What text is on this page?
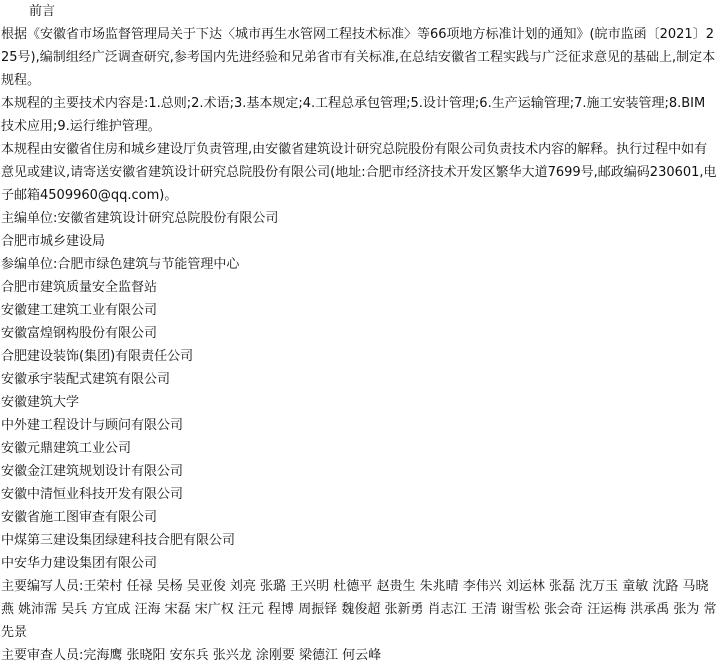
前言

根据《安徽省市场监督管理局关于下达〈城市再生水管网工程技术标准〉等66项地方标准计划的通知》(皖市监函〔2021〕225号),编制组经广泛调查研究,参考国内先进经验和兄弟省市有关标准,在总结安徽省工程实践与广泛征求意见的基础上,制定本规程。

本规程的主要技术内容是:1.总则;2.术语;3.基本规定;4.工程总承包管理;5.设计管理;6.生产运输管理;7.施工安装管理;8.BIM技术应用;9.运行维护管理。

本规程由安徽省住房和城乡建设厅负责管理,由安徽省建筑设计研究总院股份有限公司负责技术内容的解释。执行过程中如有意见或建议,请寄送安徽省建筑设计研究总院股份有限公司(地址:合肥市经济技术开发区繁华大道7699号,邮政编码230601,电子邮箱4509960@qq.com)。

主编单位:安徽省建筑设计研究总院股份有限公司

合肥市城乡建设局

参编单位:合肥市绿色建筑与节能管理中心

合肥市建筑质量安全监督站

安徽建工建筑工业有限公司

安徽富煌钢构股份有限公司

合肥建设装饰(集团)有限责任公司

安徽承宇装配式建筑有限公司

安徽建筑大学

中外建工程设计与顾问有限公司

安徽元鼎建筑工业公司

安徽金江建筑规划设计有限公司

安徽中清恒业科技开发有限公司

安徽省施工图审查有限公司

中煤第三建设集团绿建科技合肥有限公司

中安华力建设集团有限公司

主要编写人员:王荣村 任禄 吴杨 吴亚俊 刘亮 张璐 王兴明 杜德平 赵贵生 朱兆晴 李伟兴 刘运林 张磊 沈万玉 童敏 沈路 马晓燕 姚沛霈 吴兵 方宜成 汪海 宋磊 宋广权 汪元 程博 周振铎 魏俊超 张新勇 肖志江 王清 谢雪松 张会奇 汪运梅 洪承禹 张为 常先景

主要审查人员:完海鹰 张晓阳 安东兵 张兴龙 涂刚要 梁德江 何云峰
